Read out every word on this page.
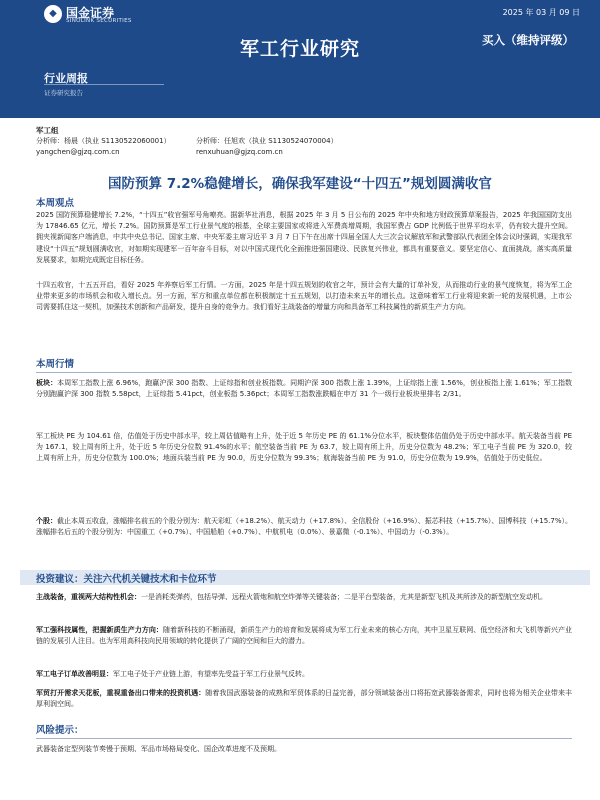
◆ 国金证券
SINOLINK SECURITIES
2025 年 03 月 09 日
军工行业研究	买入（维持评级）
行业周报
证券研究报告
军工组
分析师：杨晨（执业 S1130522060001）	分析师：任旭欢（执业 S1130524070004）
yangchen@gjzq.com.cn	renxuhuan@gjzq.com.cn
国防预算 7.2%稳健增长，确保我军建设“十四五”规划圆满收官
本周观点
2025 国防预算稳健增长 7.2%，“十四五”收官强军号角嘹亮。据新华社消息，根据 2025 年 3 月 5 日公布的 2025 年中央和地方财政预算草案报告，2025 年我国国防支出为 17846.65 亿元，增长 7.2%。国防预算是军工行业景气度的根基，全球主要国家或将进入军费高增周期，我国军费占 GDP 比例低于世界平均水平，仍有较大提升空间。拥夹视新闻客户端消息，中共中央总书记、国家主席、中央军委主席习近平 3 月 7 日下午在出席十四届全国人大三次会议解放军和武警部队代表团全体会议时强调，实现我军建设“十四五”规划圆满收官，对如期实现建军一百年奋斗目标，对以中国式现代化全面推进强国建设、民族复兴伟业，都具有重要意义。要坚定信心、直面挑战，落实高质量发展要求，如期完成既定目标任务。
十四五收官，十五五开启，看好 2025 年养察后军工行情。一方面，2025 年是十四五规划的收官之年，预计会有大量的订单补发，从而推动行业的景气度恢复，将为军工企业带来更多的市场机会和收入增长点。另一方面，军方和重点单位都在积极制定十五五规划，以打造未来五年的增长点。这意味着军工行业将迎来新一轮的发展机遇，上市公司需要抓住这一契机，加强技术创新和产品研发，提升自身的竞争力。我们看好主战装备的增量方向和具备军工科技属性的新质生产力方向。
本周行情
板块：本周军工指数上涨 6.96%，跑赢沪深 300 指数、上证综指和创业板指数。同期沪深 300 指数上涨 1.39%，上证综指上涨 1.56%，创业板指上涨 1.61%；军工指数分别跑赢沪深 300 指数 5.58pct，上证综指 5.41pct，创业板指 5.36pct；本周军工指数涨跌幅在申万 31 个一级行业板块里排名 2/31。
军工板块 PE 为 104.61 倍，估值处于历史中部水平，较上周估值略有上升，处于近 5 年历史 PE 的 61.1%分位水平，板块整体估值仍处于历史中部水平。航天装备当前 PE 为 167.1，较上周有所上升，处于近 5 年历史分位数 91.4%的水平；航空装备当前 PE 为 63.7，较上周有所上升，历史分位数为 48.2%；军工电子当前 PE 为 320.0，较上周有所上升，历史分位数为 100.0%；地面兵装当前 PE 为 90.0，历史分位数为 99.3%；航海装备当前 PE 为 91.0，历史分位数为 19.9%，估值处于历史低位。
个股：截止本周五收盘，涨幅排名前五的个股分别为：航天彩虹（+18.2%）、航天动力（+17.8%）、全信股份（+16.9%）、振芯科技（+15.7%）、国博科技（+15.7%）。涨幅排名后五的个股分别为：中国重工（+0.7%）、中国船舶（+0.7%）、中航机电（0.0%）、景嘉微（-0.1%）、中国动力（-0.3%）。
投资建议：关注六代机关键技术和卡位环节
主战装备，重视两大结构性机会：一是消耗类弹药，包括导弹、远程火箭炮和航空炸弹等关键装备；二是平台型装备，尤其是新型飞机及其所涉及的新型航空发动机。
军工强科技属性，把握新质生产力方向：随着新科技的不断涌现，新质生产力的培育和发展将成为军工行业未来的核心方向，其中卫星互联网、低空经济和大飞机等新兴产业链的发展引人注目。也为军用高科技向民用领域的转化提供了广阔的空间和巨大的潜力。
军工电子订单改善明显：军工电子处于产业链上游，有望率先受益于军工行业景气反转。
军贸打开需求天花板，重视重备出口带来的投资机遇：随着我国武器装备的成熟和军贸体系的日益完善，部分领域装备出口将拓宽武器装备需求，同时也将为相关企业带来丰厚利润空间。
风险提示：
武器装备定型列装节奏慢于预期、军品市场格局变化、国企改革进度不及预期。
